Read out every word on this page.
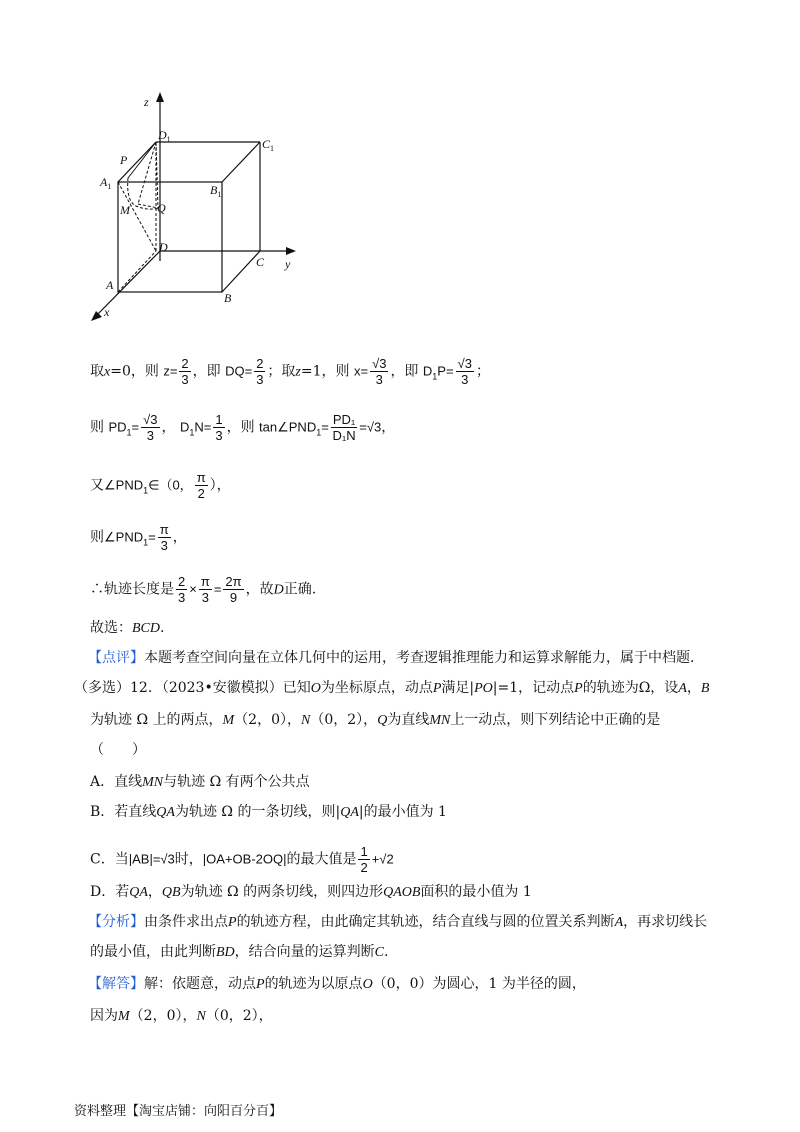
z
y
x
$D_1$	$C_1$
$A_1$	$B_1$
P
M Q
D
C
A
B
取x=0，则 $z= \frac{2}{3}$ ，即 $DQ= \frac{2}{3}$ ；取z=1，则 $x= \frac{√3}{3}$ ，即 $D_1P= \frac{√3}{3}$ ；
则 $PD_1= \frac{√3}{3}$ ， $D_1N= \frac{1}{3}$ ，则 $\tan\angle PND_1= \frac{\text{PD₁}}{\text{D₁N}} =√3$，
又$\angle PND_1\in(0$， $\frac{\pi}{2}$ ），
则$\angle PND_1= \frac{\pi}{3}$ ，
∴轨迹长度是 $\frac{2}{3} \times \frac{\pi}{3} = \frac{2\pi}{9}$ ，故D正确.
故选：BCD.
【点评】本题考查空间向量在立体几何中的运用，考查逻辑推理能力和运算求解能力，属于中档题.
（多选）12．（2023•安徽模拟）已知O为坐标原点，动点P满足|PO|=1，记动点P的轨迹为Ω，设A，B
为轨迹 Ω 上的两点，M（2，0），N（0，2），Q为直线MN上一动点，则下列结论中正确的是
（　　）
A．直线MN与轨迹 Ω 有两个公共点
B．若直线QA为轨迹 Ω 的一条切线，则|QA|的最小值为 1
C．当|AB|=√3时，|OA+OB-2OQ|的最大值是 $\frac{1}{2} +√2$
D．若QA，QB为轨迹 Ω 的两条切线，则四边形QAOB面积的最小值为 1
【分析】由条件求出点P的轨迹方程，由此确定其轨迹，结合直线与圆的位置关系判断A，再求切线长
的最小值，由此判断BD，结合向量的运算判断C.
【解答】解：依题意，动点P的轨迹为以原点O（0，0）为圆心，1 为半径的圆，
因为M（2，0），N（0，2），
资料整理【淘宝店铺：向阳百分百】
